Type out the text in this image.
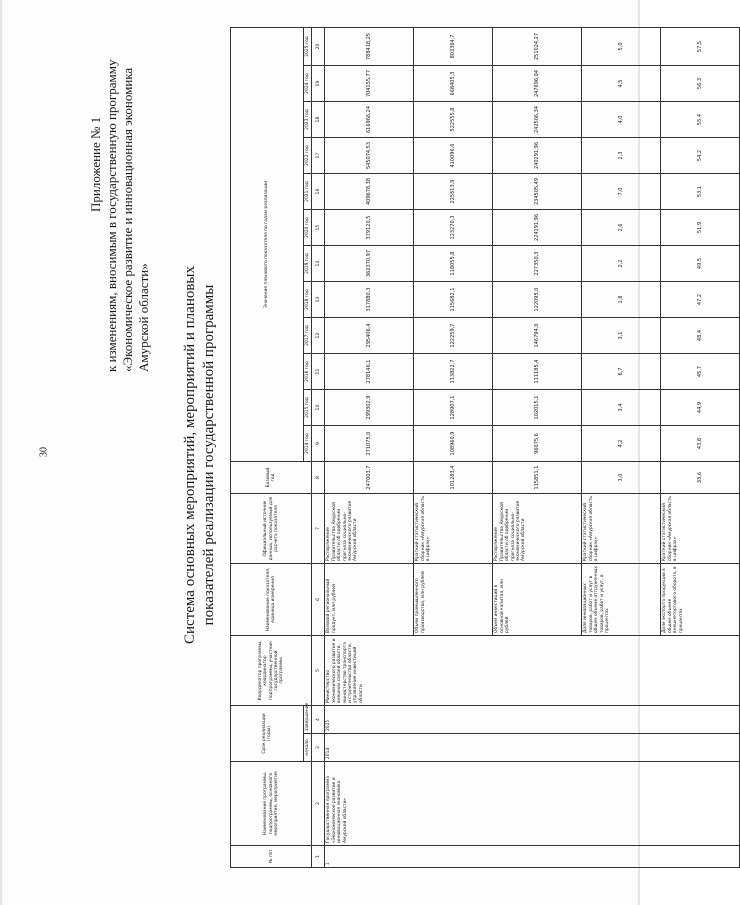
30
Приложение № 1 к изменениям, вносимым в государственную программу «Экономическое развитие и инновационная экономика Амурской области» Система основных мероприятий, мероприятий и плановых показателей реализации государственной программы
№ п/п	Наименование программы, подпрограммы, основного мероприятия, мероприятия	Срок реализации (годы)		Координатор программы, координатор подпрограммы, участник государственной программы	Наименование показателя, единица измерения	Официальный источник данных, используемый для расчета показателя	Базовый год	Значение планового показателя по годам реализации											
		начало	завершение					2014 год	2015 год	2016 год	2017 год	2018 год	2019 год	2020 год	2021 год	2022 год	2023 год	2024 год	2025 год

1	2	3	4	5	6	7	8	9	10	11	12	13	14	15	16	17	18	19	20
1	Государственная программа «Экономическое развитие и инновационная экономика Амурской области»	2014	2025	Министерство экономического развития и внешних связей области, министерство транспорта и строительства области, управление инвестиций области	Валовой региональный продукт, млн рублей	Распоряжение Правительства Амурской области об одобрении прогноза социально-экономического развития Амурской области	247003,7	271075,0	299302,9	278146,1	295406,4	317880,3	362370,97	379120,5	409678,38	545074,53	616966,24	704155,77	788418,25
					Объем промышленного производства, млн рублей	Краткий статистический сборник «Амурская область в цифрах»	101283,4	108960,9	128907,1	113822,7	122259,7	115682,1	118055,8	123270,3	225513,9	410096,6	522555,8	668405,3	803364,7
					Объем инвестиций в основной капитал, млн рублей	Распоряжение Правительства Амурской области об одобрении прогноза социально-экономического развития Амурской области	115851,1	96075,6	102015,1	111185,4	146794,0	122095,0	227350,3	224191,96	234505,49	240291,96	242506,34	247696,04	251024,27
					Доля инновационных товаров, работ и услуг в общем объеме отгруженных товаров, работ и услуг, в процентах	Краткий статистический сборник «Амурская область в цифрах»	3,0	4,2	3,4	6,7	3,1	1,8	2,2	2,6	7,0	2,3	4,0	4,5	5,0
					Доля экспорта продукции в общем объеме внешнеторгового оборота, в процентах	Краткий статистический сборник «Амурская область в цифрах»	33,6	43,8	44,9	45,7	48,4	47,2	49,5	51,9	53,1	54,2	55,4	56,3	57,5
